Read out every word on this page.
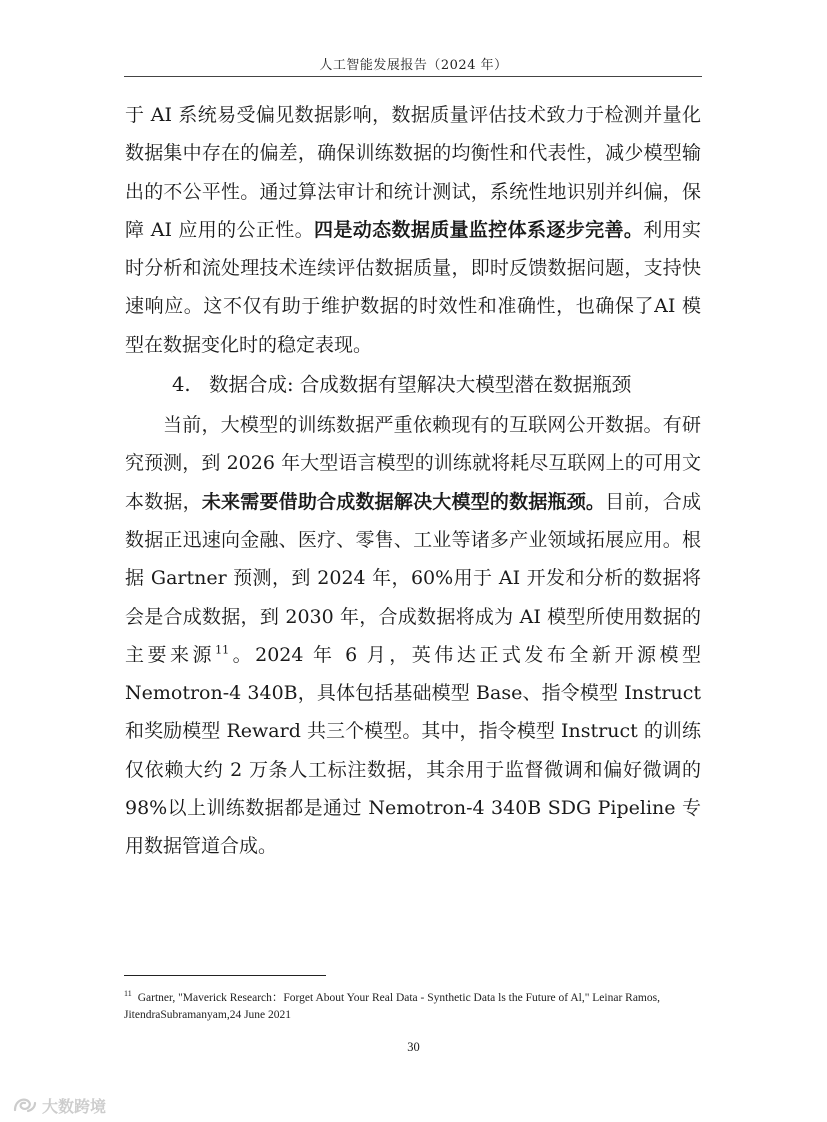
人工智能发展报告（2024 年）

于 AI 系统易受偏见数据影响，数据质量评估技术致力于检测并量化数据集中存在的偏差，确保训练数据的均衡性和代表性，减少模型输出的不公平性。通过算法审计和统计测试，系统性地识别并纠偏，保障 AI 应用的公正性。四是动态数据质量监控体系逐步完善。利用实时分析和流处理技术连续评估数据质量，即时反馈数据问题，支持快速响应。这不仅有助于维护数据的时效性和准确性，也确保了AI 模型在数据变化时的稳定表现。

4. 数据合成: 合成数据有望解决大模型潜在数据瓶颈

当前，大模型的训练数据严重依赖现有的互联网公开数据。有研究预测，到 2026 年大型语言模型的训练就将耗尽互联网上的可用文本数据，未来需要借助合成数据解决大模型的数据瓶颈。目前，合成数据正迅速向金融、医疗、零售、工业等诸多产业领域拓展应用。根据 Gartner 预测，到 2024 年，60%用于 AI 开发和分析的数据将会是合成数据，到 2030 年，合成数据将成为 AI 模型所使用数据的主要来源$^{11}$。2024 年 6 月，英伟达正式发布全新开源模型 Nemotron-4 340B，具体包括基础模型 Base、指令模型 Instruct 和奖励模型 Reward 共三个模型。其中，指令模型 Instruct 的训练仅依赖大约 2 万条人工标注数据，其余用于监督微调和偏好微调的 98%以上训练数据都是通过 Nemotron-4 340B SDG Pipeline 专用数据管道合成。

$^{11}$ Gartner, "Maverick Research：Forget About Your Real Data - Synthetic Data ls the Future of Al," Leinar Ramos, JitendraSubramanyam,24 June 2021
30
大数跨境
